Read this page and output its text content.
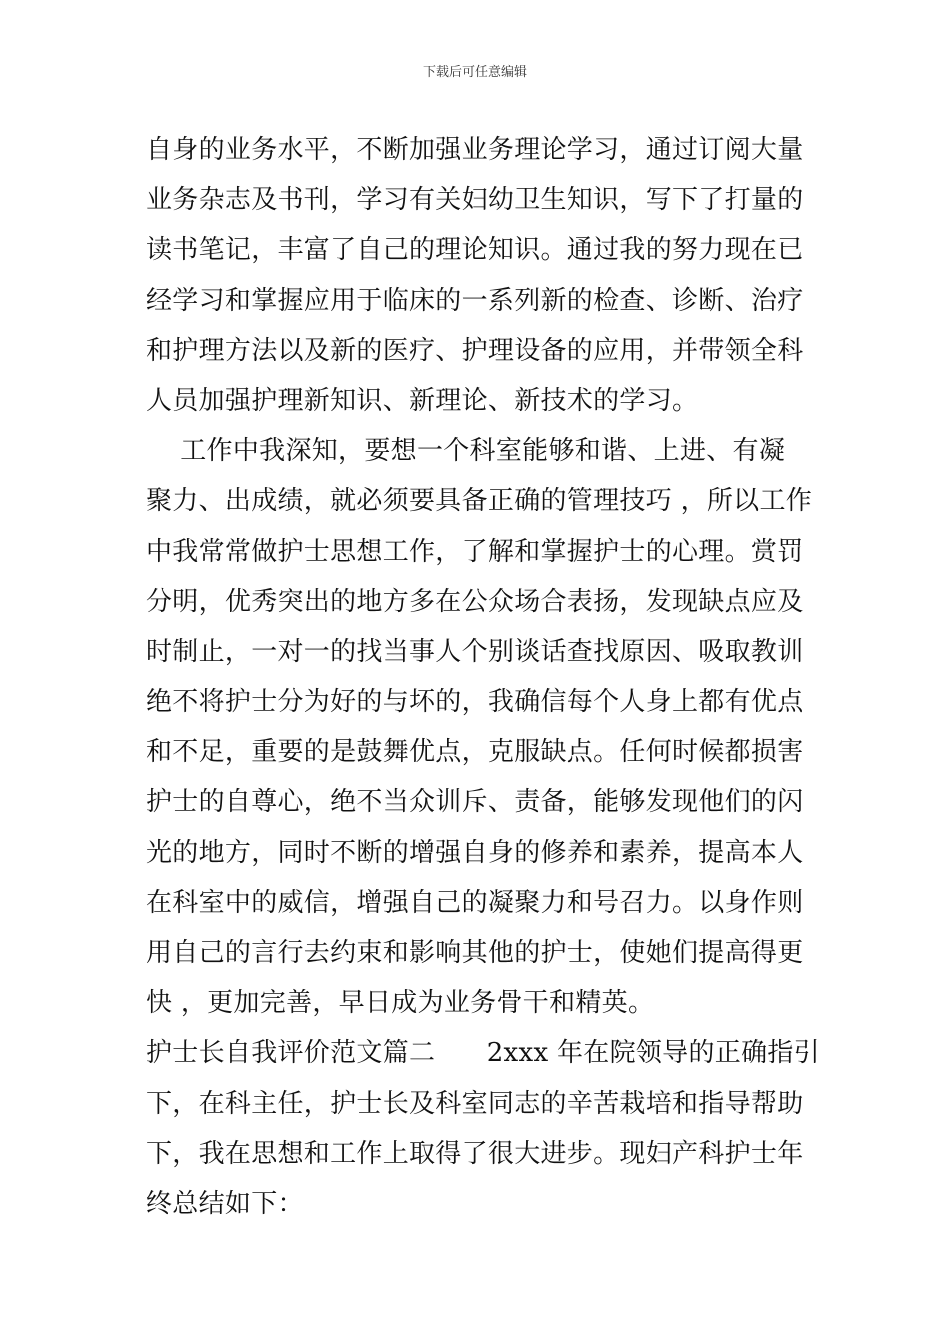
下载后可任意编辑
自身的业务水平，不断加强业务理论学习，通过订阅大量
业务杂志及书刊，学习有关妇幼卫生知识，写下了打量的
读书笔记，丰富了自己的理论知识。通过我的努力现在已
经学习和掌握应用于临床的一系列新的检查、诊断、治疗
和护理方法以及新的医疗、护理设备的应用，并带领全科
人员加强护理新知识、新理论、新技术的学习。
工作中我深知，要想一个科室能够和谐、上进、有凝
聚力、出成绩，就必须要具备正确的管理技巧 ，所以工作
中我常常做护士思想工作，了解和掌握护士的心理。赏罚
分明，优秀突出的地方多在公众场合表扬，发现缺点应及
时制止，一对一的找当事人个别谈话查找原因、吸取教训
绝不将护士分为好的与坏的，我确信每个人身上都有优点
和不足，重要的是鼓舞优点，克服缺点。任何时候都损害
护士的自尊心，绝不当众训斥、责备，能够发现他们的闪
光的地方，同时不断的增强自身的修养和素养，提高本人
在科室中的威信，增强自己的凝聚力和号召力。以身作则
用自己的言行去约束和影响其他的护士，使她们提高得更
快 ，更加完善，早日成为业务骨干和精英。
护士长自我评价范文篇二      2xxx 年在院领导的正确指引
下，在科主任，护士长及科室同志的辛苦栽培和指导帮助
下，我在思想和工作上取得了很大进步。现妇产科护士年
终总结如下：
